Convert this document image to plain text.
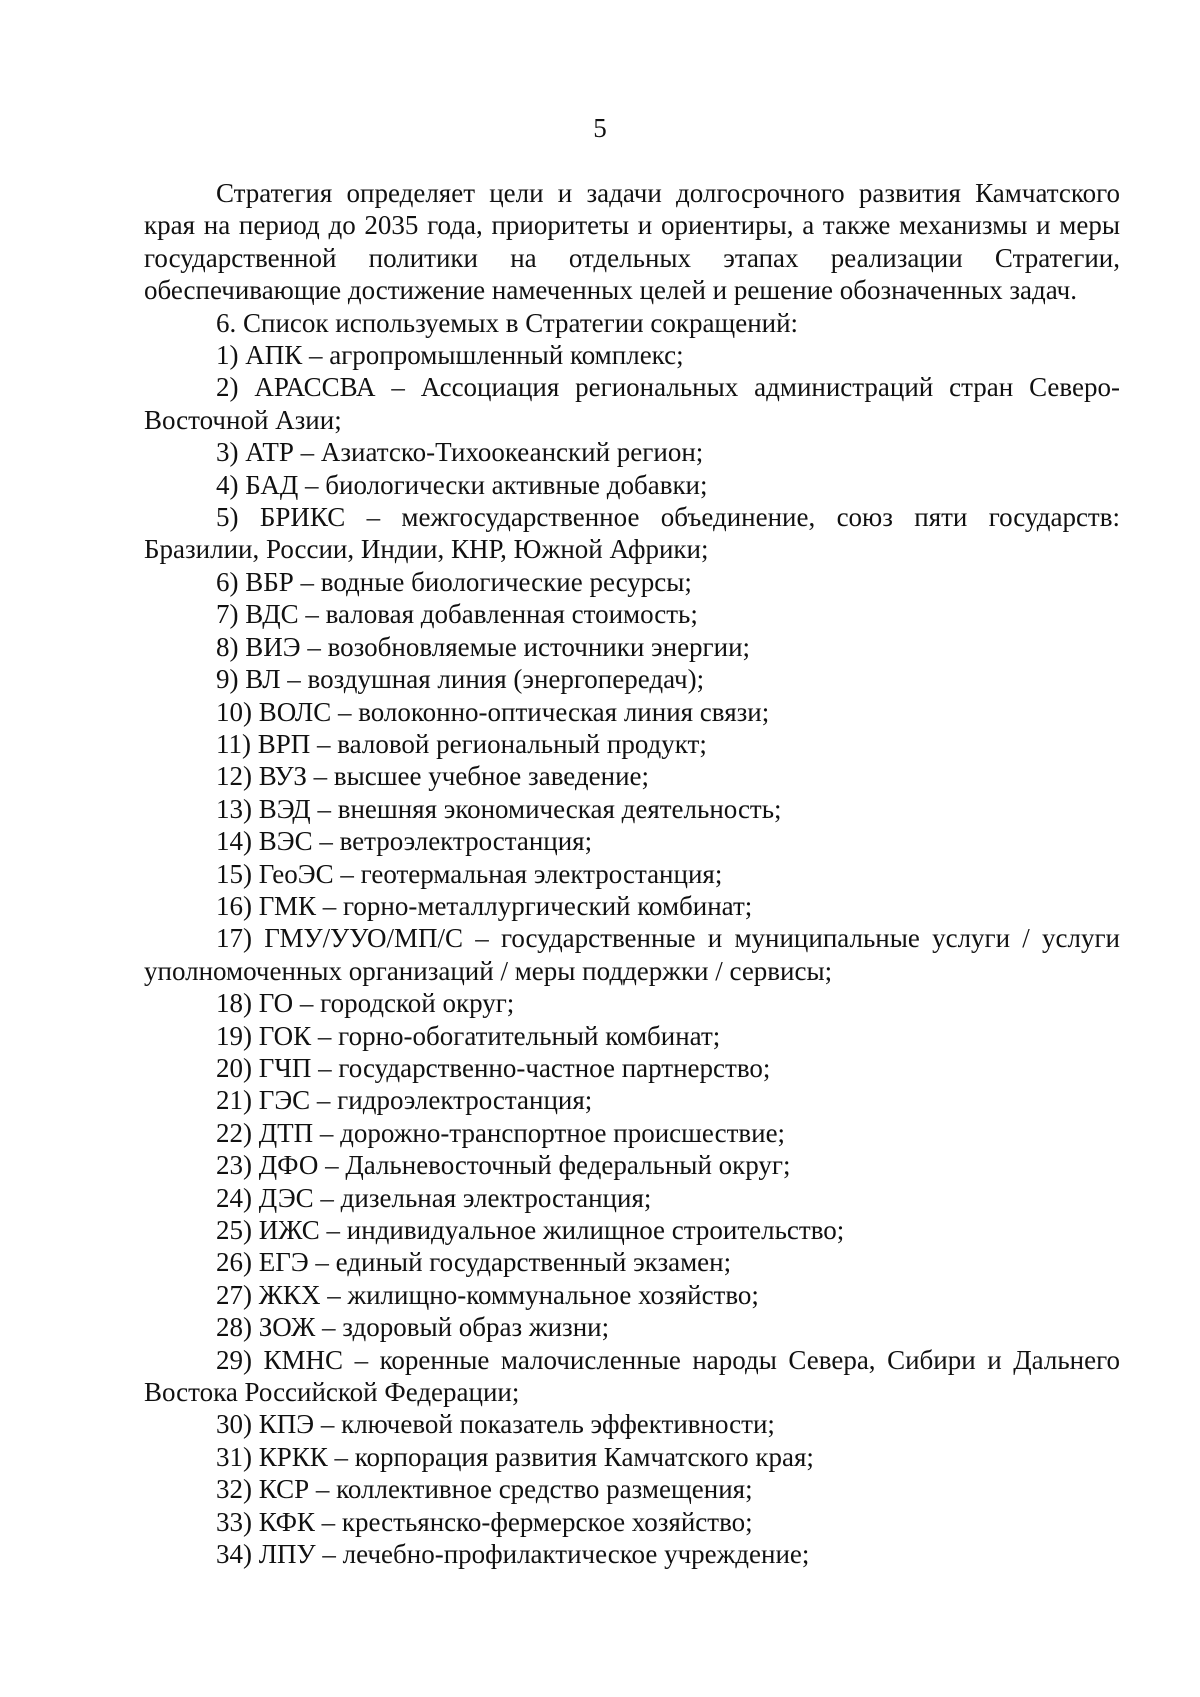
5

Стратегия определяет цели и задачи долгосрочного развития Камчатского края на период до 2035 года, приоритеты и ориентиры, а также механизмы и меры государственной политики на отдельных этапах реализации Стратегии, обеспечивающие достижение намеченных целей и решение обозначенных задач.

6. Список используемых в Стратегии сокращений:

1) АПК – агропромышленный комплекс;
2) АРАССВА – Ассоциация региональных администраций стран Северо-Восточной Азии;
3) АТР – Азиатско-Тихоокеанский регион;
4) БАД – биологически активные добавки;
5) БРИКС – межгосударственное объединение, союз пяти государств: Бразилии, России, Индии, КНР, Южной Африки;
6) ВБР – водные биологические ресурсы;
7) ВДС – валовая добавленная стоимость;
8) ВИЭ – возобновляемые источники энергии;
9) ВЛ – воздушная линия (энергопередач);
10) ВОЛС – волоконно-оптическая линия связи;
11) ВРП – валовой региональный продукт;
12) ВУЗ – высшее учебное заведение;
13) ВЭД – внешняя экономическая деятельность;
14) ВЭС – ветроэлектростанция;
15) ГеоЭС – геотермальная электростанция;
16) ГМК – горно-металлургический комбинат;
17) ГМУ/УУО/МП/С – государственные и муниципальные услуги / услуги уполномоченных организаций / меры поддержки / сервисы;
18) ГО – городской округ;
19) ГОК – горно-обогатительный комбинат;
20) ГЧП – государственно-частное партнерство;
21) ГЭС – гидроэлектростанция;
22) ДТП – дорожно-транспортное происшествие;
23) ДФО – Дальневосточный федеральный округ;
24) ДЭС – дизельная электростанция;
25) ИЖС – индивидуальное жилищное строительство;
26) ЕГЭ – единый государственный экзамен;
27) ЖКХ – жилищно-коммунальное хозяйство;
28) ЗОЖ – здоровый образ жизни;
29) КМНС – коренные малочисленные народы Севера, Сибири и Дальнего Востока Российской Федерации;
30) КПЭ – ключевой показатель эффективности;
31) КРКК – корпорация развития Камчатского края;
32) КСР – коллективное средство размещения;
33) КФК – крестьянско-фермерское хозяйство;
34) ЛПУ – лечебно-профилактическое учреждение;
